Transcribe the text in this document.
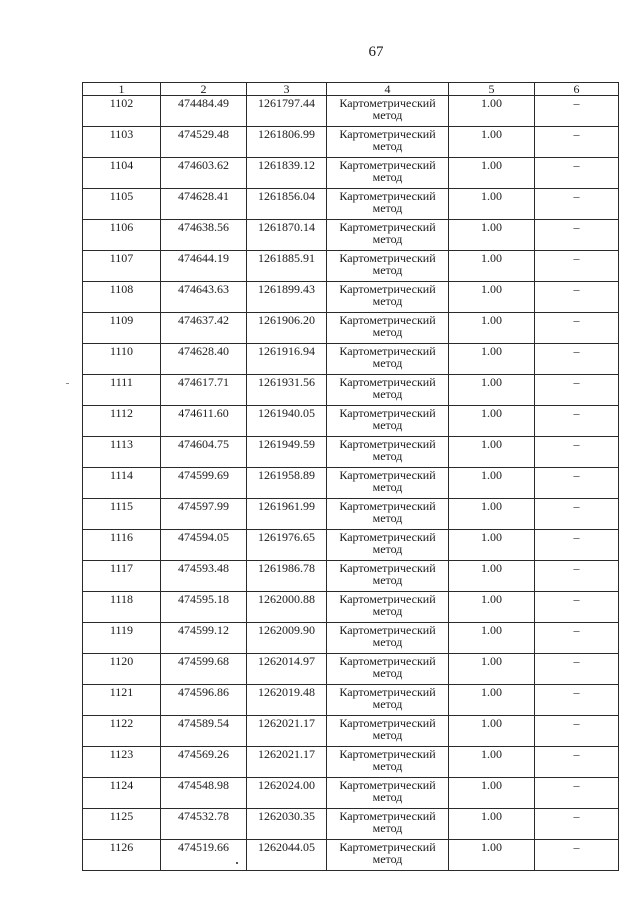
67
1	2	3	4	5	6
1102	474484.49	1261797.44	Картометрический метод	1.00	–
1103	474529.48	1261806.99	Картометрический метод	1.00	–
1104	474603.62	1261839.12	Картометрический метод	1.00	–
1105	474628.41	1261856.04	Картометрический метод	1.00	–
1106	474638.56	1261870.14	Картометрический метод	1.00	–
1107	474644.19	1261885.91	Картометрический метод	1.00	–
1108	474643.63	1261899.43	Картометрический метод	1.00	–
1109	474637.42	1261906.20	Картометрический метод	1.00	–
1110	474628.40	1261916.94	Картометрический метод	1.00	–
1111	474617.71	1261931.56	Картометрический метод	1.00	–
1112	474611.60	1261940.05	Картометрический метод	1.00	–
1113	474604.75	1261949.59	Картометрический метод	1.00	–
1114	474599.69	1261958.89	Картометрический метод	1.00	–
1115	474597.99	1261961.99	Картометрический метод	1.00	–
1116	474594.05	1261976.65	Картометрический метод	1.00	–
1117	474593.48	1261986.78	Картометрический метод	1.00	–
1118	474595.18	1262000.88	Картометрический метод	1.00	–
1119	474599.12	1262009.90	Картометрический метод	1.00	–
1120	474599.68	1262014.97	Картометрический метод	1.00	–
1121	474596.86	1262019.48	Картометрический метод	1.00	–
1122	474589.54	1262021.17	Картометрический метод	1.00	–
1123	474569.26	1262021.17	Картометрический метод	1.00	–
1124	474548.98	1262024.00	Картометрический метод	1.00	–
1125	474532.78	1262030.35	Картометрический метод	1.00	–
1126	474519.66	1262044.05	Картометрический метод	1.00	–
